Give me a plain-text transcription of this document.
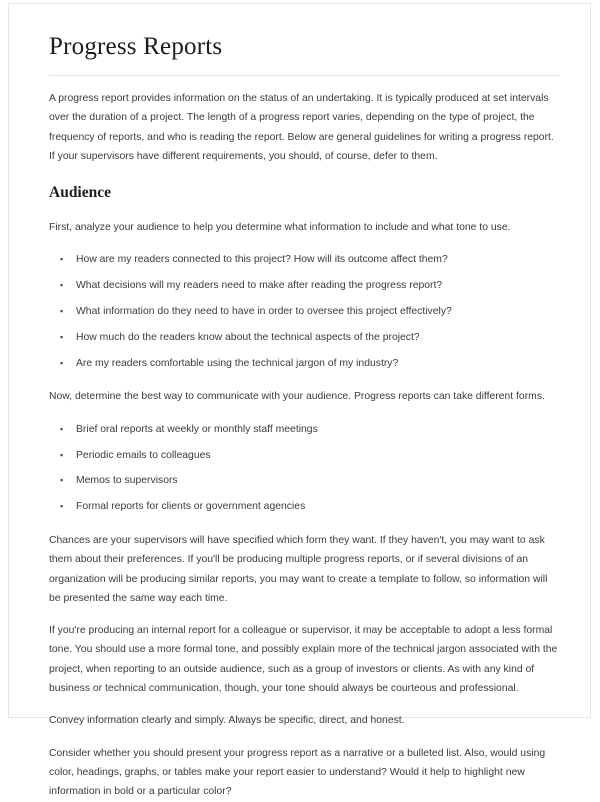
Progress Reports

A progress report provides information on the status of an undertaking. It is typically produced at set intervals over the duration of a project. The length of a progress report varies, depending on the type of project, the frequency of reports, and who is reading the report. Below are general guidelines for writing a progress report. If your supervisors have different requirements, you should, of course, defer to them.

Audience

First, analyze your audience to help you determine what information to include and what tone to use.

▪ How are my readers connected to this project? How will its outcome affect them?
▪ What decisions will my readers need to make after reading the progress report?
▪ What information do they need to have in order to oversee this project effectively?
▪ How much do the readers know about the technical aspects of the project?
▪ Are my readers comfortable using the technical jargon of my industry?

Now, determine the best way to communicate with your audience. Progress reports can take different forms.

▪ Brief oral reports at weekly or monthly staff meetings
▪ Periodic emails to colleagues
▪ Memos to supervisors
▪ Formal reports for clients or government agencies

Chances are your supervisors will have specified which form they want. If they haven't, you may want to ask them about their preferences. If you'll be producing multiple progress reports, or if several divisions of an organization will be producing similar reports, you may want to create a template to follow, so information will be presented the same way each time.

If you're producing an internal report for a colleague or supervisor, it may be acceptable to adopt a less formal tone. You should use a more formal tone, and possibly explain more of the technical jargon associated with the project, when reporting to an outside audience, such as a group of investors or clients. As with any kind of business or technical communication, though, your tone should always be courteous and professional.

Convey information clearly and simply. Always be specific, direct, and honest.

Consider whether you should present your progress report as a narrative or a bulleted list. Also, would using color, headings, graphs, or tables make your report easier to understand? Would it help to highlight new information in bold or a particular color?
